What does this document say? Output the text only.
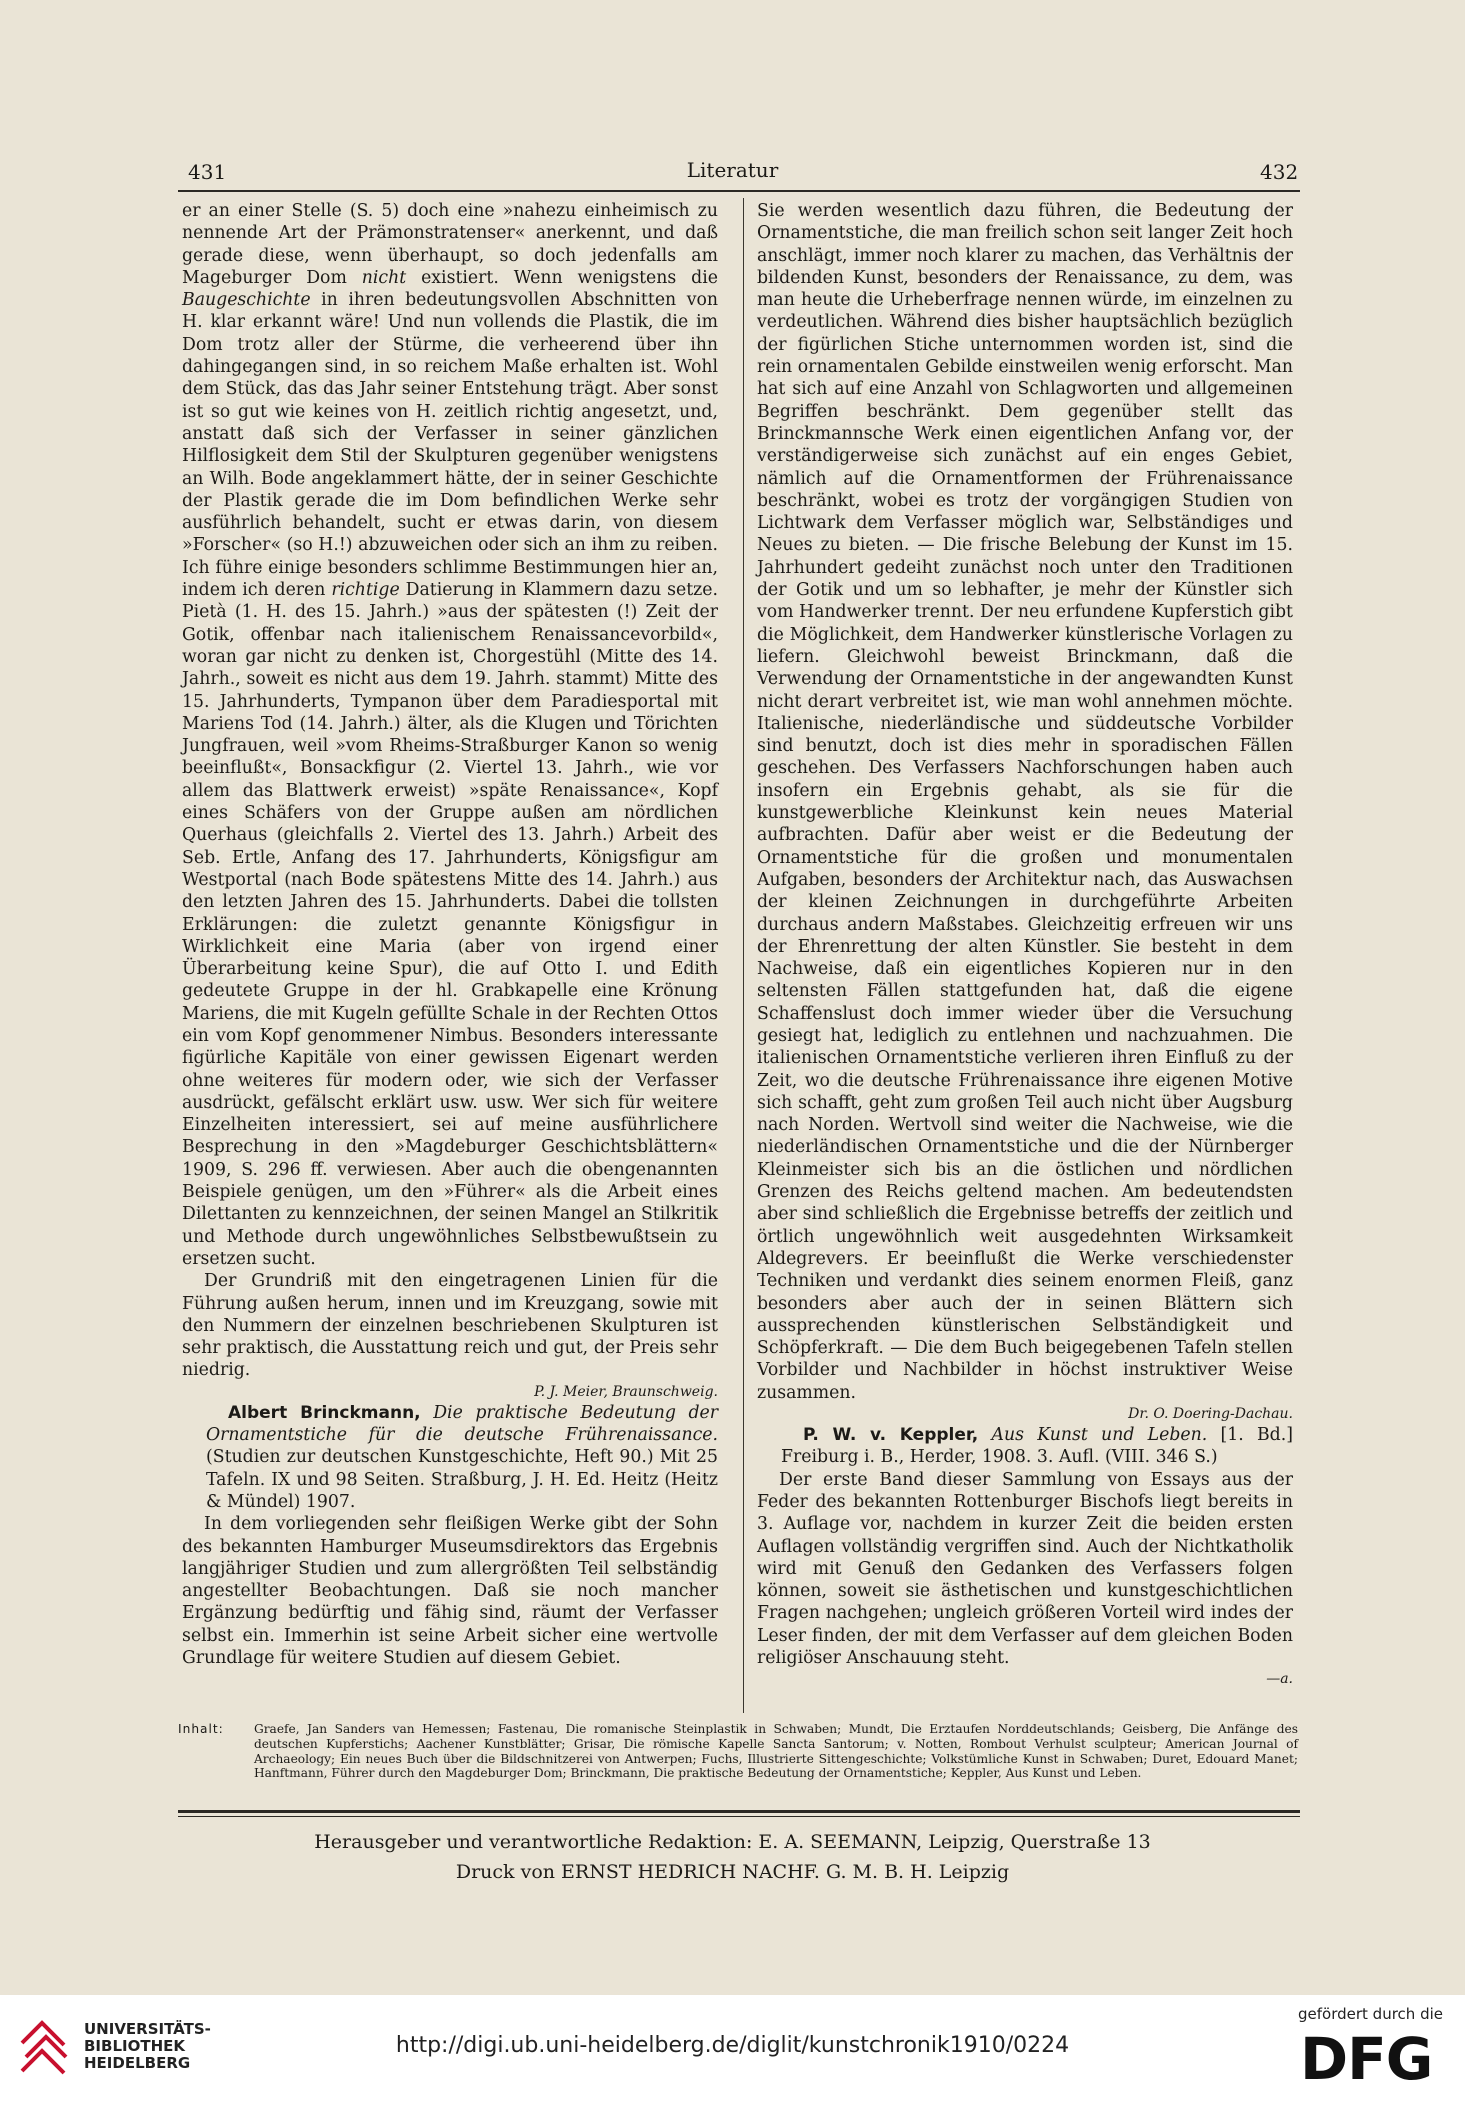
431	Literatur	432

er an einer Stelle (S. 5) doch eine »nahezu einheimisch zu nennende Art der Prämonstratenser« anerkennt, und daß gerade diese, wenn überhaupt, so doch jedenfalls am Mageburger Dom nicht existiert. Wenn wenigstens die Baugeschichte in ihren bedeutungsvollen Abschnitten von H. klar erkannt wäre! Und nun vollends die Plastik, die im Dom trotz aller der Stürme, die verheerend über ihn dahingegangen sind, in so reichem Maße erhalten ist. Wohl dem Stück, das das Jahr seiner Entstehung trägt. Aber sonst ist so gut wie keines von H. zeitlich richtig angesetzt, und, anstatt daß sich der Verfasser in seiner gänzlichen Hilflosigkeit dem Stil der Skulpturen gegenüber wenigstens an Wilh. Bode angeklammert hätte, der in seiner Geschichte der Plastik gerade die im Dom befindlichen Werke sehr ausführlich behandelt, sucht er etwas darin, von diesem »Forscher« (so H.!) abzuweichen oder sich an ihm zu reiben. Ich führe einige besonders schlimme Bestimmungen hier an, indem ich deren richtige Datierung in Klammern dazu setze. Pietà (1. H. des 15. Jahrh.) »aus der spätesten (!) Zeit der Gotik, offenbar nach italienischem Renaissancevorbild«, woran gar nicht zu denken ist, Chorgestühl (Mitte des 14. Jahrh., soweit es nicht aus dem 19. Jahrh. stammt) Mitte des 15. Jahrhunderts, Tympanon über dem Paradiesportal mit Mariens Tod (14. Jahrh.) älter, als die Klugen und Törichten Jungfrauen, weil »vom Rheims-Straßburger Kanon so wenig beeinflußt«, Bonsackfigur (2. Viertel 13. Jahrh., wie vor allem das Blattwerk erweist) »späte Renaissance«, Kopf eines Schäfers von der Gruppe außen am nördlichen Querhaus (gleichfalls 2. Viertel des 13. Jahrh.) Arbeit des Seb. Ertle, Anfang des 17. Jahrhunderts, Königsfigur am Westportal (nach Bode spätestens Mitte des 14. Jahrh.) aus den letzten Jahren des 15. Jahrhunderts. Dabei die tollsten Erklärungen: die zuletzt genannte Königsfigur in Wirklichkeit eine Maria (aber von irgend einer Überarbeitung keine Spur), die auf Otto I. und Edith gedeutete Gruppe in der hl. Grabkapelle eine Krönung Mariens, die mit Kugeln gefüllte Schale in der Rechten Ottos ein vom Kopf genommener Nimbus. Besonders interessante figürliche Kapitäle von einer gewissen Eigenart werden ohne weiteres für modern oder, wie sich der Verfasser ausdrückt, gefälscht erklärt usw. usw. Wer sich für weitere Einzelheiten interessiert, sei auf meine ausführlichere Besprechung in den »Magdeburger Geschichtsblättern« 1909, S. 296 ff. verwiesen. Aber auch die obengenannten Beispiele genügen, um den »Führer« als die Arbeit eines Dilettanten zu kennzeichnen, der seinen Mangel an Stilkritik und Methode durch ungewöhnliches Selbstbewußtsein zu ersetzen sucht.

Der Grundriß mit den eingetragenen Linien für die Führung außen herum, innen und im Kreuzgang, sowie mit den Nummern der einzelnen beschriebenen Skulpturen ist sehr praktisch, die Ausstattung reich und gut, der Preis sehr niedrig.

P. J. Meier, Braunschweig.

Albert Brinckmann, Die praktische Bedeutung der Ornamentstiche für die deutsche Frührenaissance. (Studien zur deutschen Kunstgeschichte, Heft 90.) Mit 25 Tafeln. IX und 98 Seiten. Straßburg, J. H. Ed. Heitz (Heitz & Mündel) 1907.

In dem vorliegenden sehr fleißigen Werke gibt der Sohn des bekannten Hamburger Museumsdirektors das Ergebnis langjähriger Studien und zum allergrößten Teil selbständig angestellter Beobachtungen. Daß sie noch mancher Ergänzung bedürftig und fähig sind, räumt der Verfasser selbst ein. Immerhin ist seine Arbeit sicher eine wertvolle Grundlage für weitere Studien auf diesem Gebiet.

Sie werden wesentlich dazu führen, die Bedeutung der Ornamentstiche, die man freilich schon seit langer Zeit hoch anschlägt, immer noch klarer zu machen, das Verhältnis der bildenden Kunst, besonders der Renaissance, zu dem, was man heute die Urheberfrage nennen würde, im einzelnen zu verdeutlichen. Während dies bisher hauptsächlich bezüglich der figürlichen Stiche unternommen worden ist, sind die rein ornamentalen Gebilde einstweilen wenig erforscht. Man hat sich auf eine Anzahl von Schlagworten und allgemeinen Begriffen beschränkt. Dem gegenüber stellt das Brinckmannsche Werk einen eigentlichen Anfang vor, der verständigerweise sich zunächst auf ein enges Gebiet, nämlich auf die Ornamentformen der Frührenaissance beschränkt, wobei es trotz der vorgängigen Studien von Lichtwark dem Verfasser möglich war, Selbständiges und Neues zu bieten. — Die frische Belebung der Kunst im 15. Jahrhundert gedeiht zunächst noch unter den Traditionen der Gotik und um so lebhafter, je mehr der Künstler sich vom Handwerker trennt. Der neu erfundene Kupferstich gibt die Möglichkeit, dem Handwerker künstlerische Vorlagen zu liefern. Gleichwohl beweist Brinckmann, daß die Verwendung der Ornamentstiche in der angewandten Kunst nicht derart verbreitet ist, wie man wohl annehmen möchte. Italienische, niederländische und süddeutsche Vorbilder sind benutzt, doch ist dies mehr in sporadischen Fällen geschehen. Des Verfassers Nachforschungen haben auch insofern ein Ergebnis gehabt, als sie für die kunstgewerbliche Kleinkunst kein neues Material aufbrachten. Dafür aber weist er die Bedeutung der Ornamentstiche für die großen und monumentalen Aufgaben, besonders der Architektur nach, das Auswachsen der kleinen Zeichnungen in durchgeführte Arbeiten durchaus andern Maßstabes. Gleichzeitig erfreuen wir uns der Ehrenrettung der alten Künstler. Sie besteht in dem Nachweise, daß ein eigentliches Kopieren nur in den seltensten Fällen stattgefunden hat, daß die eigene Schaffenslust doch immer wieder über die Versuchung gesiegt hat, lediglich zu entlehnen und nachzuahmen. Die italienischen Ornamentstiche verlieren ihren Einfluß zu der Zeit, wo die deutsche Frührenaissance ihre eigenen Motive sich schafft, geht zum großen Teil auch nicht über Augsburg nach Norden. Wertvoll sind weiter die Nachweise, wie die niederländischen Ornamentstiche und die der Nürnberger Kleinmeister sich bis an die östlichen und nördlichen Grenzen des Reichs geltend machen. Am bedeutendsten aber sind schließlich die Ergebnisse betreffs der zeitlich und örtlich ungewöhnlich weit ausgedehnten Wirksamkeit Aldegrevers. Er beeinflußt die Werke verschiedenster Techniken und verdankt dies seinem enormen Fleiß, ganz besonders aber auch der in seinen Blättern sich aussprechenden künstlerischen Selbständigkeit und Schöpferkraft. — Die dem Buch beigegebenen Tafeln stellen Vorbilder und Nachbilder in höchst instruktiver Weise zusammen.

Dr. O. Doering-Dachau.

P. W. v. Keppler, Aus Kunst und Leben. [1. Bd.] Freiburg i. B., Herder, 1908. 3. Aufl. (VIII. 346 S.)

Der erste Band dieser Sammlung von Essays aus der Feder des bekannten Rottenburger Bischofs liegt bereits in 3. Auflage vor, nachdem in kurzer Zeit die beiden ersten Auflagen vollständig vergriffen sind. Auch der Nichtkatholik wird mit Genuß den Gedanken des Verfassers folgen können, soweit sie ästhetischen und kunstgeschichtlichen Fragen nachgehen; ungleich größeren Vorteil wird indes der Leser finden, der mit dem Verfasser auf dem gleichen Boden religiöser Anschauung steht.

—a.

Inhalt:	Graefe, Jan Sanders van Hemessen; Fastenau, Die romanische Steinplastik in Schwaben; Mundt, Die Erztaufen Norddeutschlands; Geisberg, Die Anfänge des deutschen Kupferstichs; Aachener Kunstblätter; Grisar, Die römische Kapelle Sancta Santorum; v. Notten, Rombout Verhulst sculpteur; American Journal of Archaeology; Ein neues Buch über die Bildschnitzerei von Antwerpen; Fuchs, Illustrierte Sittengeschichte; Volkstümliche Kunst in Schwaben; Duret, Edouard Manet; Hanftmann, Führer durch den Magdeburger Dom; Brinckmann, Die praktische Bedeutung der Ornamentstiche; Keppler, Aus Kunst und Leben.
Herausgeber und verantwortliche Redaktion: E. A. SEEMANN, Leipzig, Querstraße 13
Druck von ERNST HEDRICH NACHF. G. M. B. H. Leipzig
UNIVERSITÄTS-
BIBLIOTHEK
HEIDELBERG
http://digi.ub.uni-heidelberg.de/diglit/kunstchronik1910/0224
gefördert durch die
DFG
